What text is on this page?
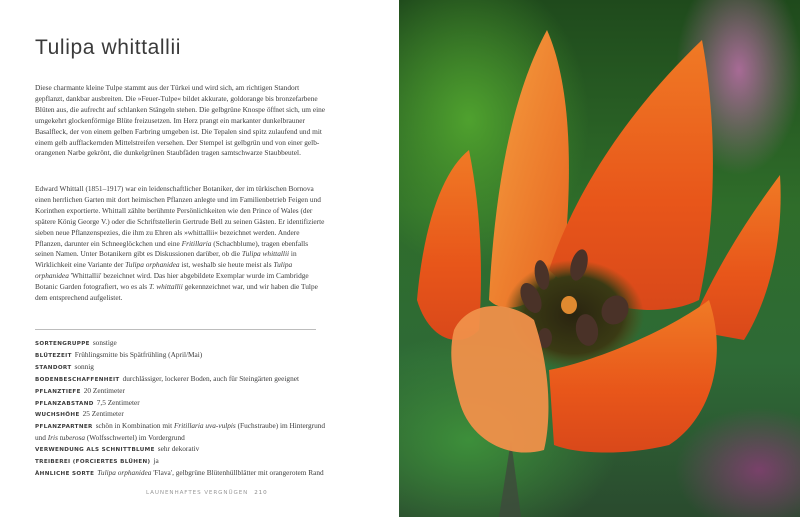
Tulipa whittallii

Diese charmante kleine Tulpe stammt aus der Türkei und wird sich, am richtigen Standort gepflanzt, dankbar ausbreiten. Die »Feuer-Tulpe« bildet akkurate, goldorange bis bronzefarbene Blüten aus, die aufrecht auf schlanken Stängeln stehen. Die gelbgrüne Knospe öffnet sich, um eine umgekehrt glockenförmige Blüte freizusetzen. Im Herz prangt ein markanter dunkelbrauner Basalfleck, der von einem gelben Farbring umgeben ist. Die Tepalen sind spitz zulaufend und mit einem gelb aufflackernden Mittelstreifen versehen. Der Stempel ist gelbgrün und von einer gelb-orangenen Narbe gekrönt, die dunkelgrünen Staubfäden tragen samtschwarze Staubbeutel.

Edward Whittall (1851–1917) war ein leidenschaftlicher Botaniker, der im türkischen Bornova einen herrlichen Garten mit dort heimischen Pflanzen anlegte und im Familienbetrieb Feigen und Korinthen exportierte. Whittall zählte berühmte Persönlichkeiten wie den Prince of Wales (der spätere König George V.) oder die Schriftstellerin Gertrude Bell zu seinen Gästen. Er identifizierte sieben neue Pflanzenspezies, die ihm zu Ehren als »whittallii« bezeichnet werden. Andere Pflanzen, darunter ein Schneeglöckchen und eine Fritillaria (Schachblume), tragen ebenfalls seinen Namen. Unter Botanikern gibt es Diskussionen darüber, ob die Tulipa whittallii in Wirklichkeit eine Variante der Tulipa orphanidea ist, weshalb sie heute meist als Tulipa orphanidea 'Whittallii' bezeichnet wird. Das hier abgebildete Exemplar wurde im Cambridge Botanic Garden fotografiert, wo es als T. whittallii gekennzeichnet war, und wir haben die Tulpe dem entsprechend aufgelistet.

SORTENGRUPPE sonstige
BLÜTEZEIT Frühlingsmitte bis Spätfrühling (April/Mai)
STANDORT sonnig
BODENBESCHAFFENHEIT durchlässiger, lockerer Boden, auch für Steingärten geeignet
PFLANZTIEFE 20 Zentimeter
PFLANZABSTAND 7,5 Zentimeter
WUCHSHÖHE 25 Zentimeter
PFLANZPARTNER schön in Kombination mit Fritillaria uva-vulpis (Fuchstraube) im Hintergrund und Iris tuberosa (Wolfsschwertel) im Vordergrund
VERWENDUNG ALS SCHNITTBLUME sehr dekorativ
TREIBEREI (FORCIERTES BLÜHEN) ja
ÄHNLICHE SORTE Tulipa orphanidea 'Flava', gelbgrüne Blütenhüllblätter mit orangerotem Rand
LAUNENHAFTES VERGNÜGEN 210
